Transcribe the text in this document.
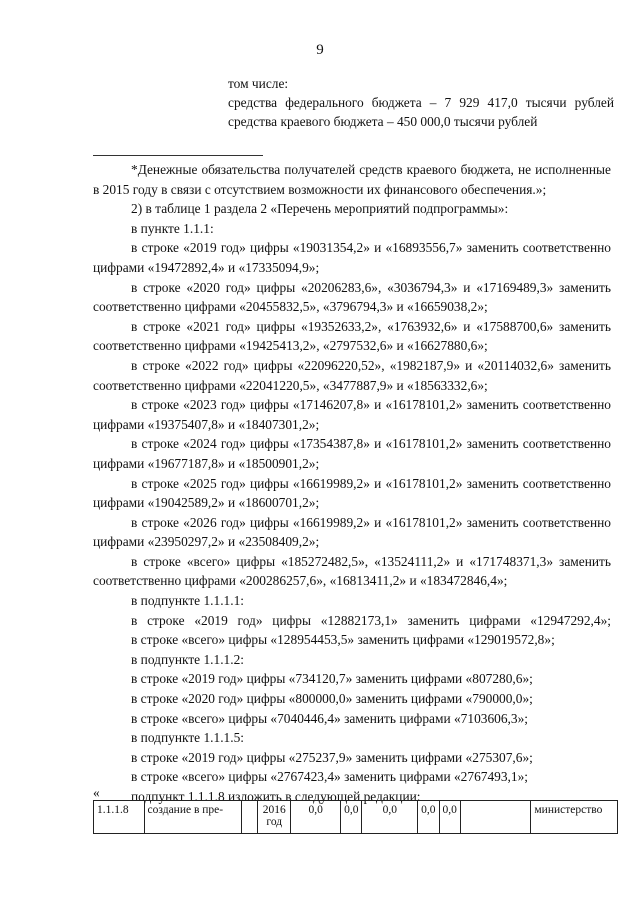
9
том числе:
средства федерального бюджета – 7 929 417,0 тысячи рублей
средства краевого бюджета – 450 000,0 тысячи рублей

*Денежные обязательства получателей средств краевого бюджета, не исполненные в 2015 году в связи с отсутствием возможности их финансового обеспечения.»;

2) в таблице 1 раздела 2 «Перечень мероприятий подпрограммы»:

в пункте 1.1.1:

в строке «2019 год» цифры «19031354,2» и «16893556,7» заменить соответственно цифрами «19472892,4» и «17335094,9»;

в строке «2020 год» цифры «20206283,6», «3036794,3» и «17169489,3» заменить соответственно цифрами «20455832,5», «3796794,3» и «16659038,2»;

в строке «2021 год» цифры «19352633,2», «1763932,6» и «17588700,6» заменить соответственно цифрами «19425413,2», «2797532,6» и «16627880,6»;

в строке «2022 год» цифры «22096220,52», «1982187,9» и «20114032,6» заменить соответственно цифрами «22041220,5», «3477887,9» и «18563332,6»;

в строке «2023 год» цифры «17146207,8» и «16178101,2» заменить соответственно цифрами «19375407,8» и «18407301,2»;

в строке «2024 год» цифры «17354387,8» и «16178101,2» заменить соответственно цифрами «19677187,8» и «18500901,2»;

в строке «2025 год» цифры «16619989,2» и «16178101,2» заменить соответственно цифрами «19042589,2» и «18600701,2»;

в строке «2026 год» цифры «16619989,2» и «16178101,2» заменить соответственно цифрами «23950297,2» и «23508409,2»;

в строке «всего» цифры «185272482,5», «13524111,2» и «171748371,3» заменить соответственно цифрами «200286257,6», «16813411,2» и «183472846,4»;

в подпункте 1.1.1.1:

в строке «2019 год» цифры «12882173,1» заменить цифрами «12947292,4»;

в строке «всего» цифры «128954453,5» заменить цифрами «129019572,8»;

в подпункте 1.1.1.2:

в строке «2019 год» цифры «734120,7» заменить цифрами «807280,6»;

в строке «2020 год» цифры «800000,0» заменить цифрами «790000,0»;

в строке «всего» цифры «7040446,4» заменить цифрами «7103606,3»;

в подпункте 1.1.1.5:

в строке «2019 год» цифры «275237,9» заменить цифрами «275307,6»;

в строке «всего» цифры «2767423,4» заменить цифрами «2767493,1»;

подпункт 1.1.1.8 изложить в следующей редакции:

«
1.1.1.8	создание в пре-		2016 год	0,0	0,0	0,0	0,0	0,0		министерство
